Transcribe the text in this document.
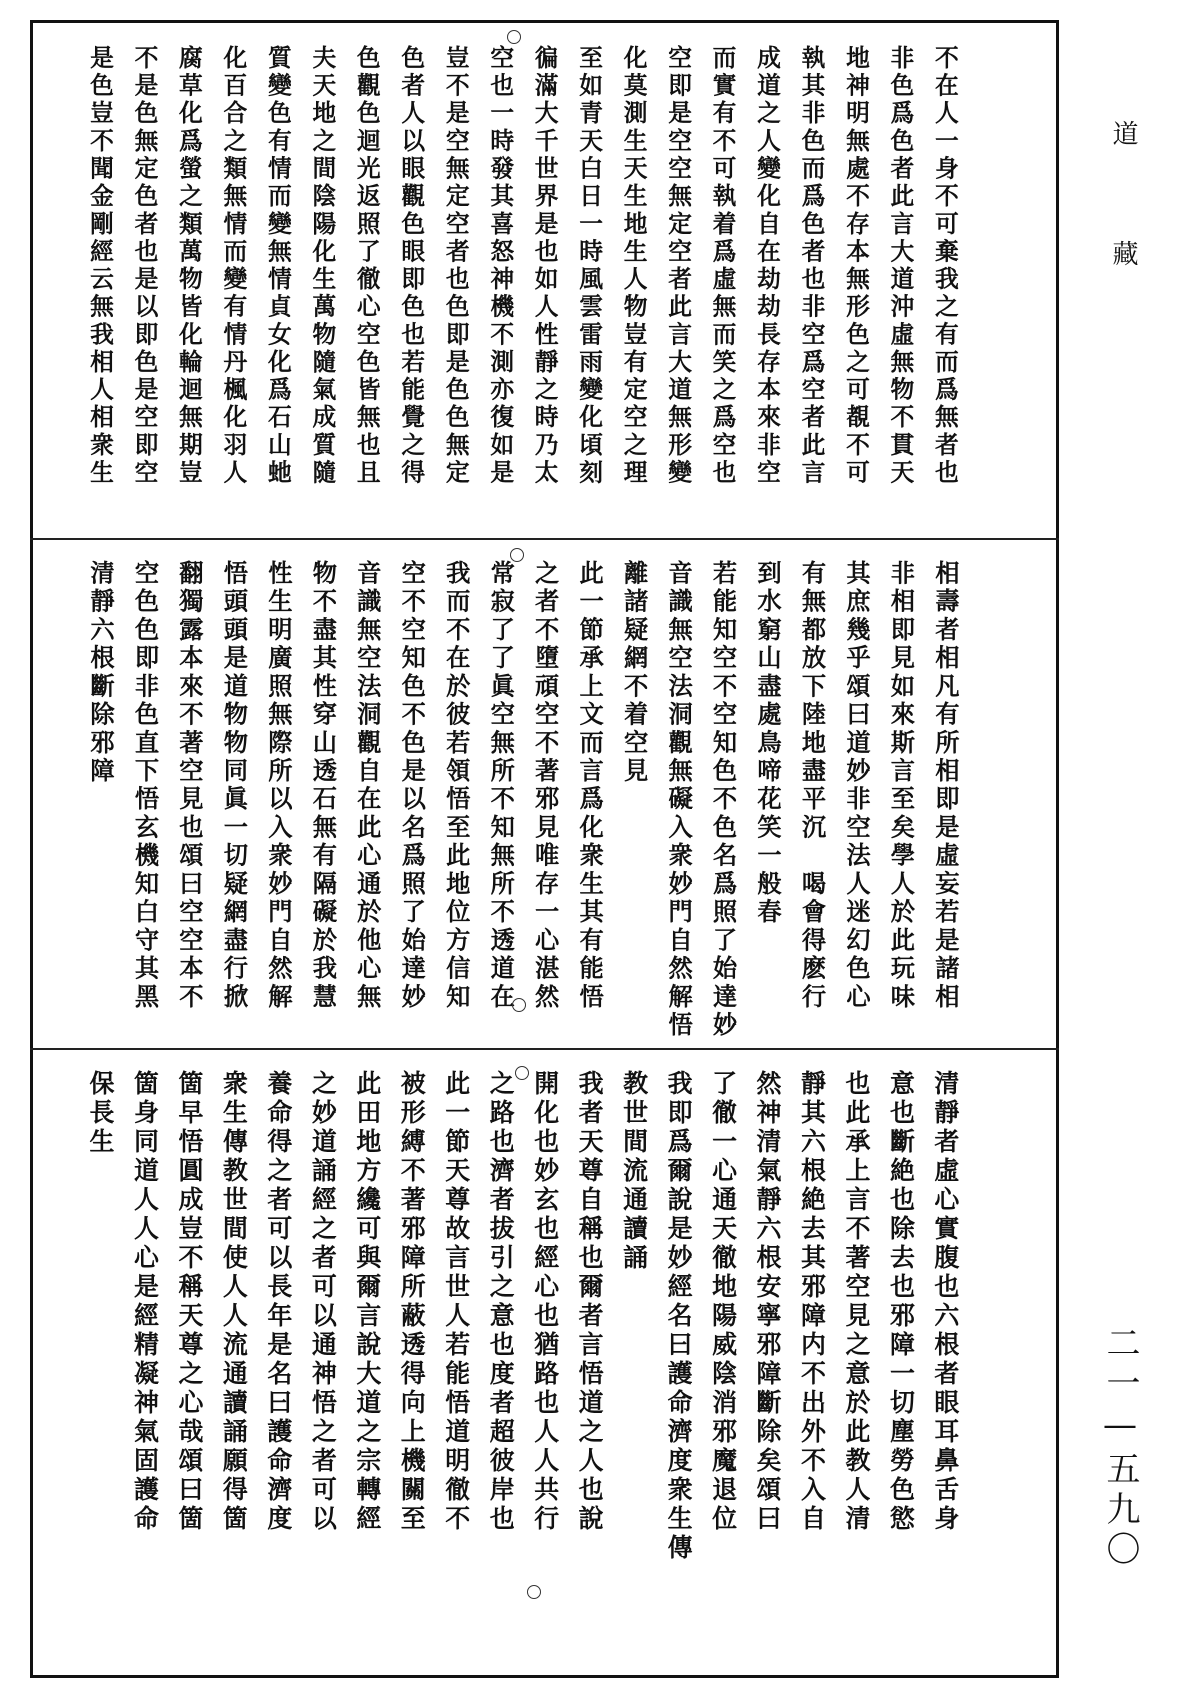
道
藏
二一—五九〇
不在人一身不可棄我之有而爲無者也
非色爲色者此言大道沖虛無物不貫天
地神明無處不存本無形色之可覩不可
執其非色而爲色者也非空爲空者此言
成道之人變化自在劫劫長存本來非空
而實有不可執着爲虛無而笑之爲空也
空即是空空無定空者此言大道無形變
化莫測生天生地生人物豈有定空之理
至如青天白日一時風雲雷雨變化頃刻
徧滿大千世界是也如人性靜之時乃太
空也一時發其喜怒神機不測亦復如是
豈不是空無定空者也色即是色色無定
色者人以眼觀色眼即色也若能覺之得
色觀色迴光返照了徹心空色皆無也且
夫天地之間陰陽化生萬物隨氣成質隨
質變色有情而變無情貞女化爲石山虵
化百合之類無情而變有情丹楓化羽人
腐草化爲螢之類萬物皆化輪迴無期豈
不是色無定色者也是以即色是空即空
是色豈不聞金剛經云無我相人相衆生
相壽者相凡有所相即是虛妄若是諸相
非相即見如來斯言至矣學人於此玩味
其庶幾乎頌曰道妙非空法人迷幻色心
有無都放下陸地盡平沉　喝會得麽行
到水窮山盡處鳥啼花笑一般春
若能知空不空知色不色名爲照了始達妙
音識無空法洞觀無礙入衆妙門自然解悟
離諸疑網不着空見
此一節承上文而言爲化衆生其有能悟
之者不墮頑空不著邪見唯存一心湛然
常寂了了眞空無所不知無所不透道在
我而不在於彼若領悟至此地位方信知
空不空知色不色是以名爲照了始達妙
音識無空法洞觀自在此心通於他心無
物不盡其性穿山透石無有隔礙於我慧
性生明廣照無際所以入衆妙門自然解
悟頭頭是道物物同眞一切疑網盡行掀
翻獨露本來不著空見也頌曰空空本不
空色色即非色直下悟玄機知白守其黑
清靜六根斷除邪障
清靜者虛心實腹也六根者眼耳鼻舌身
意也斷絶也除去也邪障一切塵勞色慾
也此承上言不著空見之意於此教人清
靜其六根絶去其邪障内不出外不入自
然神清氣靜六根安寧邪障斷除矣頌曰
了徹一心通天徹地陽威陰消邪魔退位
我即爲爾說是妙經名曰護命濟度衆生傳
教世間流通讀誦
我者天尊自稱也爾者言悟道之人也說
開化也妙玄也經心也猶路也人人共行
之路也濟者拔引之意也度者超彼岸也
此一節天尊故言世人若能悟道明徹不
被形縛不著邪障所蔽透得向上機關至
此田地方纔可與爾言說大道之宗轉經
之妙道誦經之者可以通神悟之者可以
養命得之者可以長年是名曰護命濟度
衆生傳教世間使人人流通讀誦願得箇
箇早悟圓成豈不稱天尊之心哉頌曰箇
箇身同道人人心是經精凝神氣固護命
保長生
